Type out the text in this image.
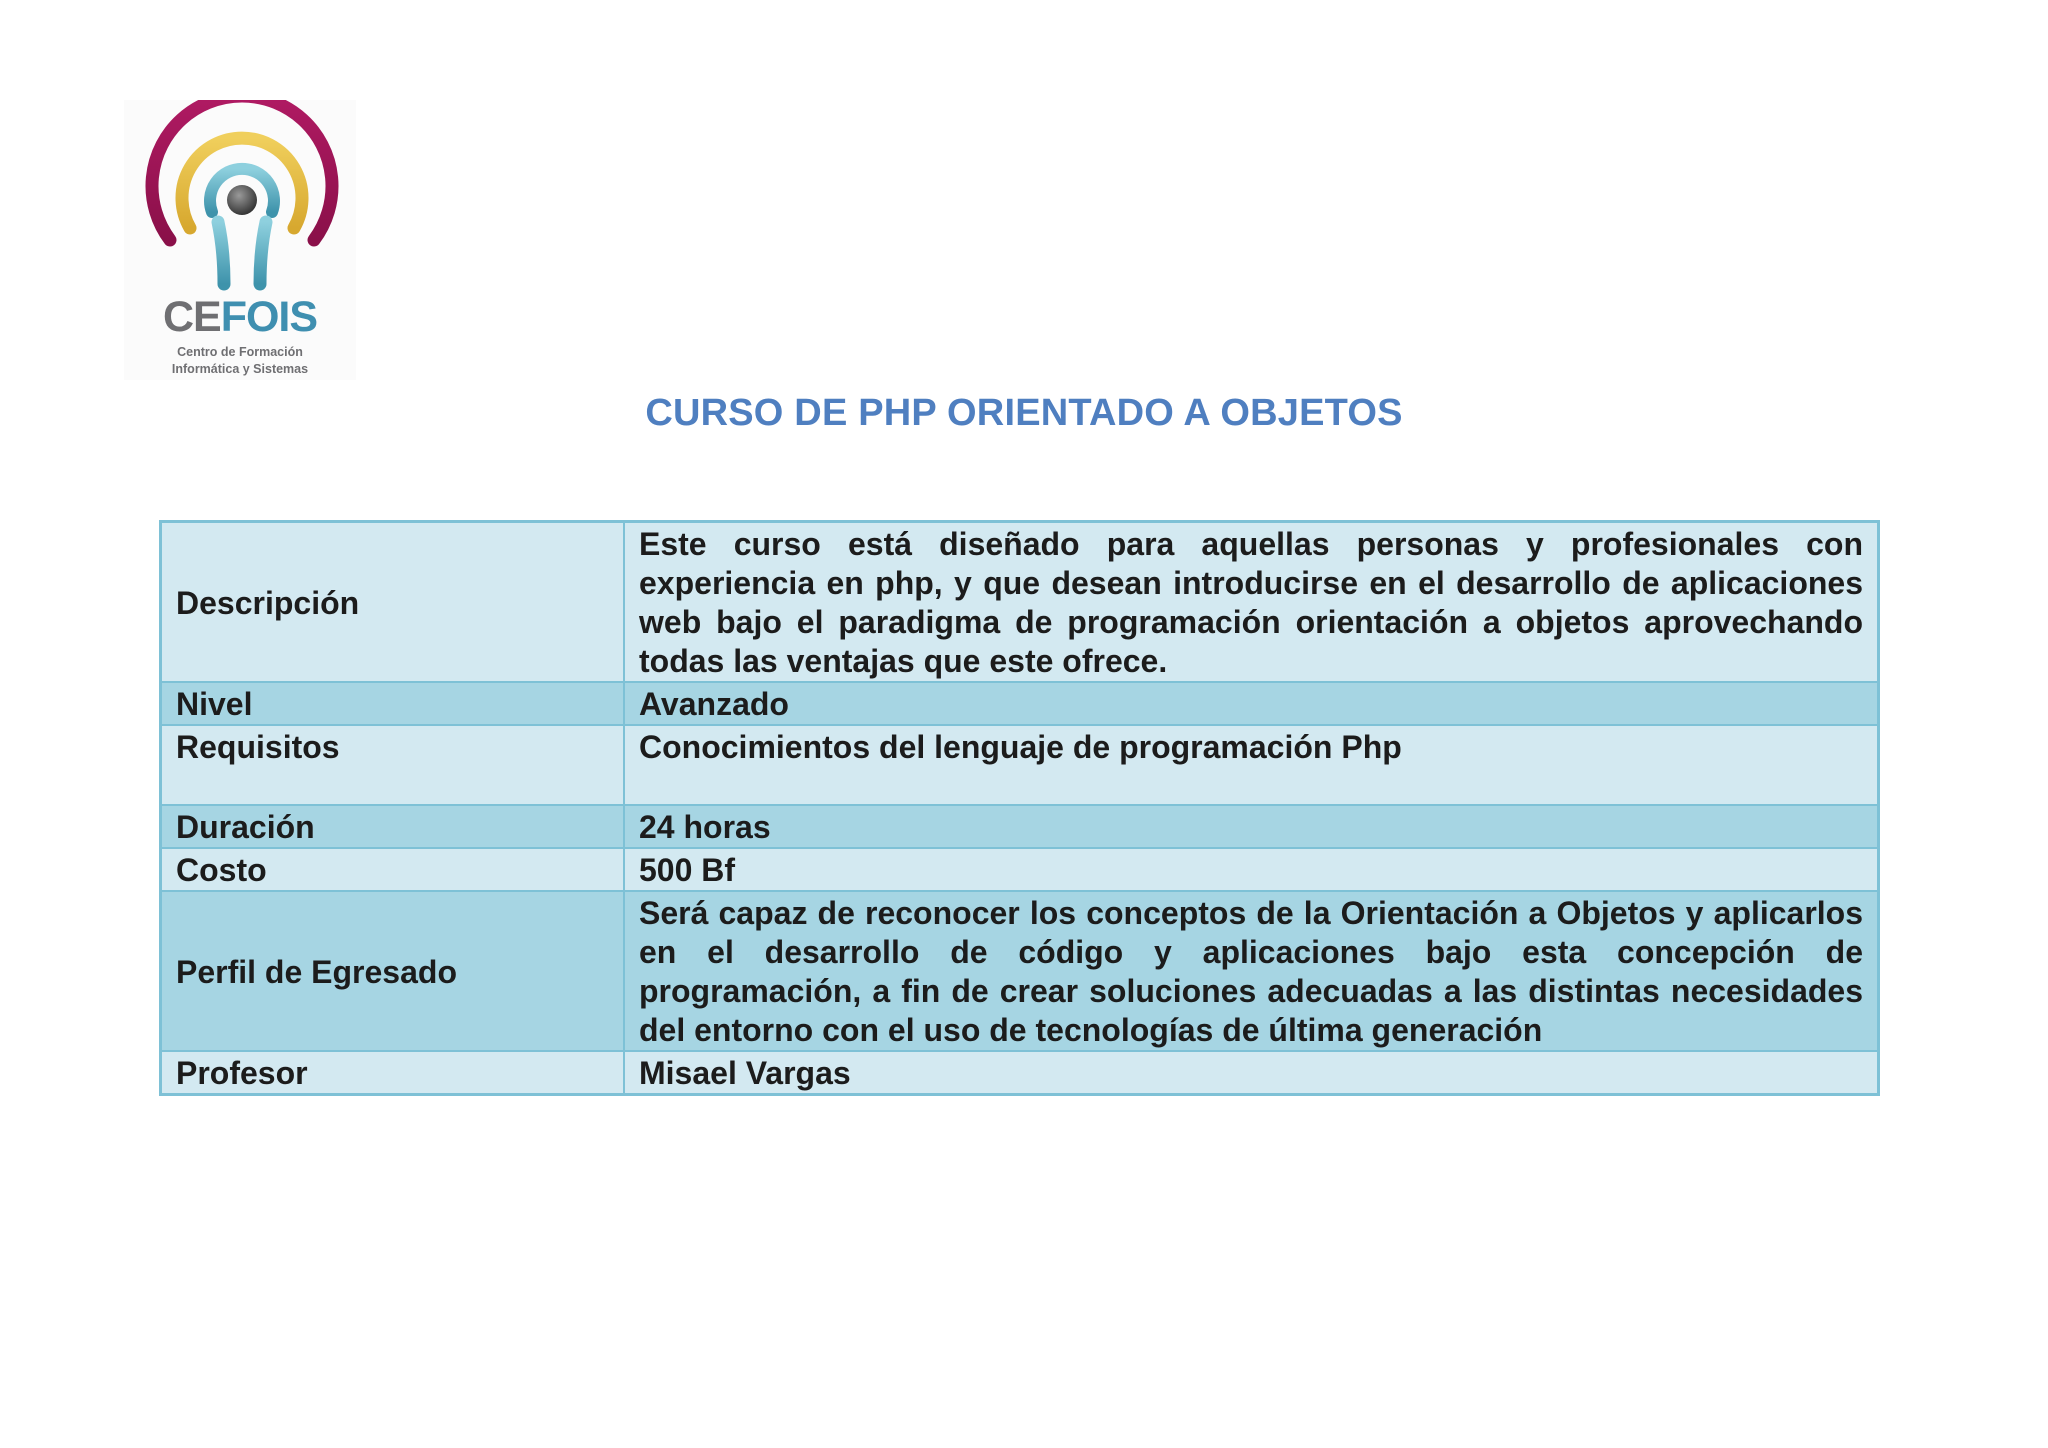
CEFOIS
Centro de Formación
Informática y Sistemas
CURSO DE PHP ORIENTADO A OBJETOS
Descripción	Este curso está diseñado para aquellas personas y profesionales con experiencia en php, y que desean introducirse en el desarrollo de aplicaciones web bajo el paradigma de programación orientación a objetos aprovechando todas las ventajas que este ofrece.
Nivel	Avanzado
Requisitos	Conocimientos del lenguaje de programación Php
Duración	24 horas
Costo	500 Bf
Perfil de Egresado	Será capaz de reconocer los conceptos de la Orientación a Objetos y aplicarlos en el desarrollo de código y aplicaciones bajo esta concepción de programación, a fin de crear soluciones adecuadas a las distintas necesidades del entorno con el uso de tecnologías de última generación
Profesor	Misael Vargas
